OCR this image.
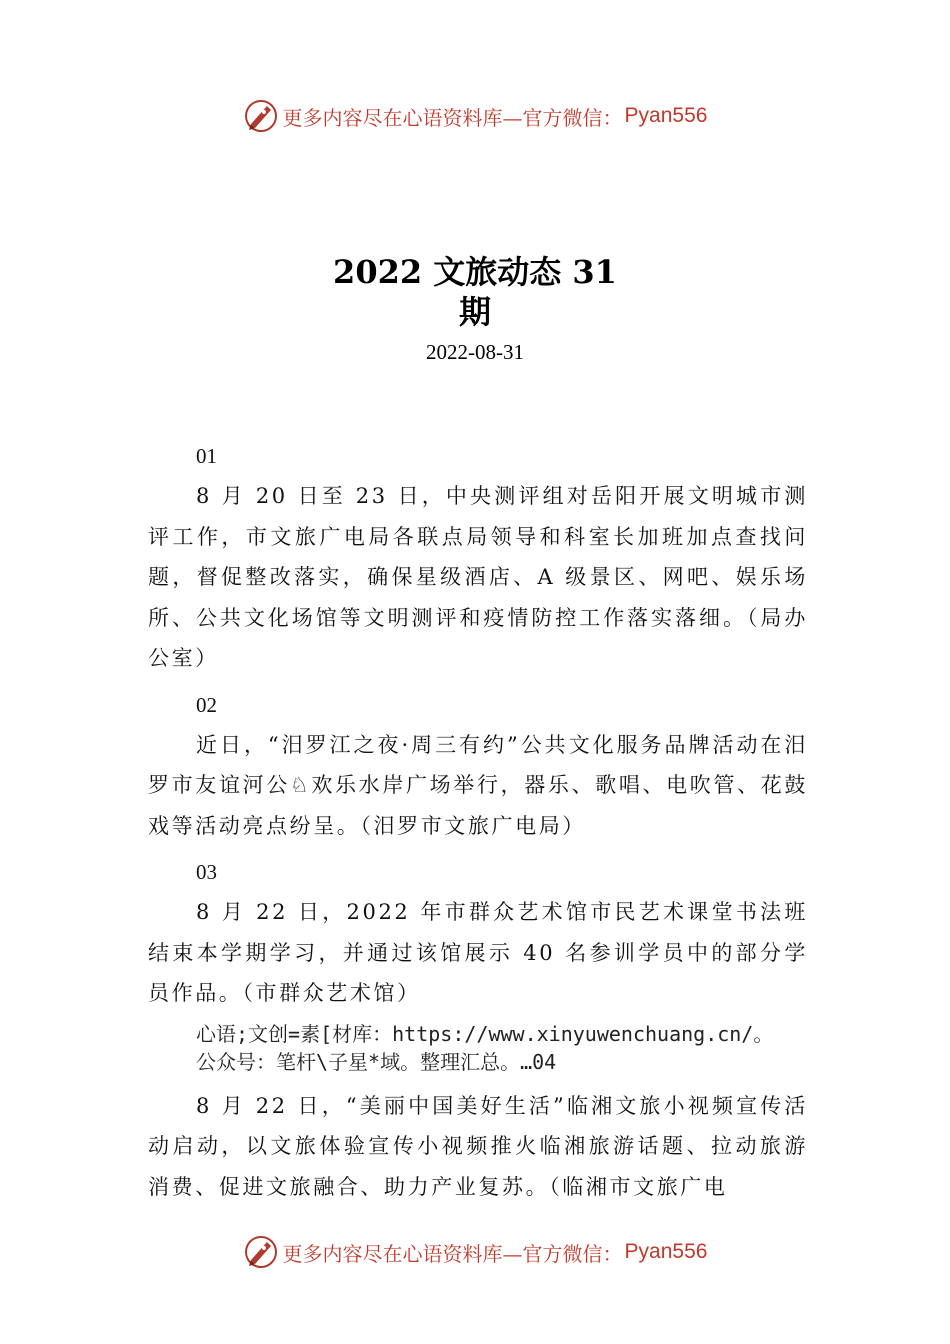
更多内容尽在心语资料库—官方微信： Pyan556
2022 文旅动态 31
期
2022-08-31
01
8 月 20 日至 23 日，中央测评组对岳阳开展文明城市测评工作，市文旅广电局各联点局领导和科室长加班加点查找问题，督促整改落实，确保星级酒店、A 级景区、网吧、娱乐场所、公共文化场馆等文明测评和疫情防控工作落实落细。（局办公室）
02
近日，“汨罗江之夜·周三有约”公共文化服务品牌活动在汨罗市友谊河公♘欢乐水岸广场举行，器乐、歌唱、电吹管、花鼓戏等活动亮点纷呈。（汨罗市文旅广电局）
03
8 月 22 日，2022 年市群众艺术馆市民艺术课堂书法班结束本学期学习，并通过该馆展示 40 名参训学员中的部分学员作品。（市群众艺术馆）
心语;文创=素[材库：https://www.xinyuwenchuang.cn/。
公众号：笔杆\子星*域。整理汇总。…04
8 月 22 日，“美丽中国美好生活”临湘文旅小视频宣传活动启动，以文旅体验宣传小视频推火临湘旅游话题、拉动旅游消费、促进文旅融合、助力产业复苏。（临湘市文旅广电
更多内容尽在心语资料库—官方微信： Pyan556
